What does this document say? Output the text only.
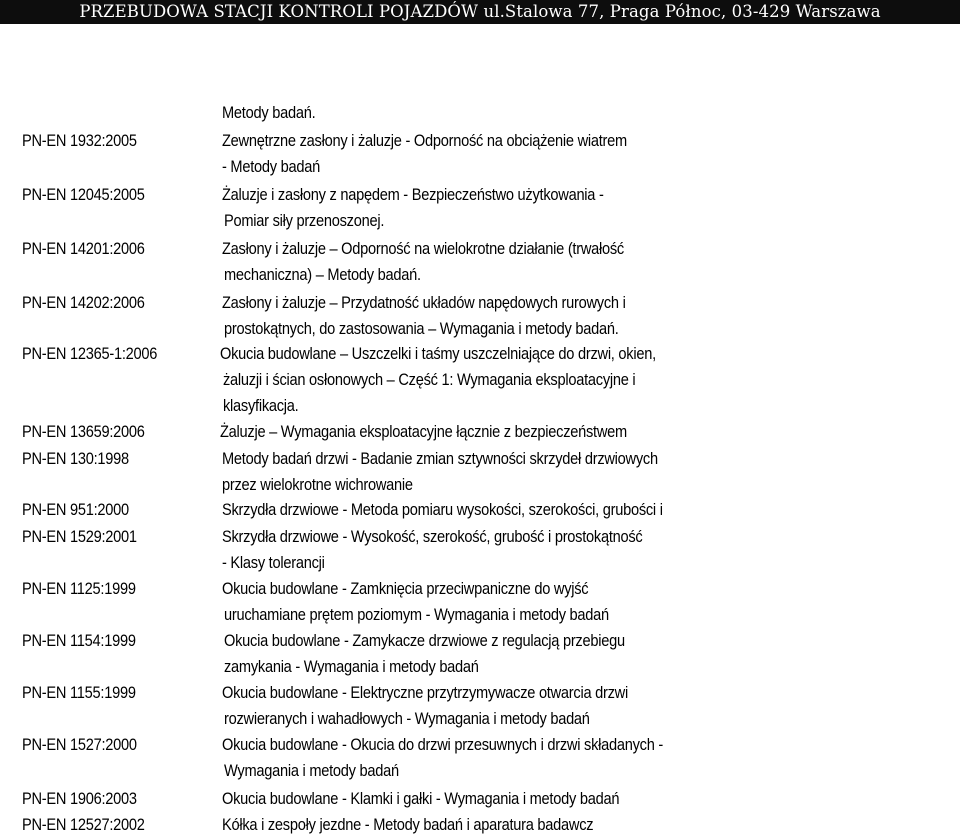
PRZEBUDOWA STACJI KONTROLI POJAZDÓW ul.Stalowa 77, Praga Północ, 03-429 Warszawa
Metody badań.
PN-EN 1932:2005	Zewnętrzne zasłony i żaluzje - Odporność na obciążenie wiatrem
- Metody badań
PN-EN 12045:2005	Żaluzje i zasłony z napędem - Bezpieczeństwo użytkowania -
Pomiar siły przenoszonej.
PN-EN 14201:2006	Zasłony i żaluzje – Odporność na wielokrotne działanie (trwałość
mechaniczna) – Metody badań.
PN-EN 14202:2006	Zasłony i żaluzje – Przydatność układów napędowych rurowych i
prostokątnych, do zastosowania – Wymagania i metody badań.
PN-EN 12365-1:2006	Okucia budowlane – Uszczelki i taśmy uszczelniające do drzwi, okien,
żaluzji i ścian osłonowych – Część 1: Wymagania eksploatacyjne i
klasyfikacja.
PN-EN 13659:2006	Żaluzje – Wymagania eksploatacyjne łącznie z bezpieczeństwem
PN-EN 130:1998	Metody badań drzwi - Badanie zmian sztywności skrzydeł drzwiowych
przez wielokrotne wichrowanie
PN-EN 951:2000	Skrzydła drzwiowe - Metoda pomiaru wysokości, szerokości, grubości i
PN-EN 1529:2001	Skrzydła drzwiowe - Wysokość, szerokość, grubość i prostokątność
- Klasy tolerancji
PN-EN 1125:1999	Okucia budowlane - Zamknięcia przeciwpaniczne do wyjść
uruchamiane prętem poziomym - Wymagania i metody badań
PN-EN 1154:1999	Okucia budowlane - Zamykacze drzwiowe z regulacją przebiegu
zamykania - Wymagania i metody badań
PN-EN 1155:1999	Okucia budowlane - Elektryczne przytrzymywacze otwarcia drzwi
rozwieranych i wahadłowych - Wymagania i metody badań
PN-EN 1527:2000	Okucia budowlane - Okucia do drzwi przesuwnych i drzwi składanych -
Wymagania i metody badań
PN-EN 1906:2003	Okucia budowlane - Klamki i gałki - Wymagania i metody badań
PN-EN 12527:2002	Kółka i zespoły jezdne - Metody badań i aparatura badawcz
